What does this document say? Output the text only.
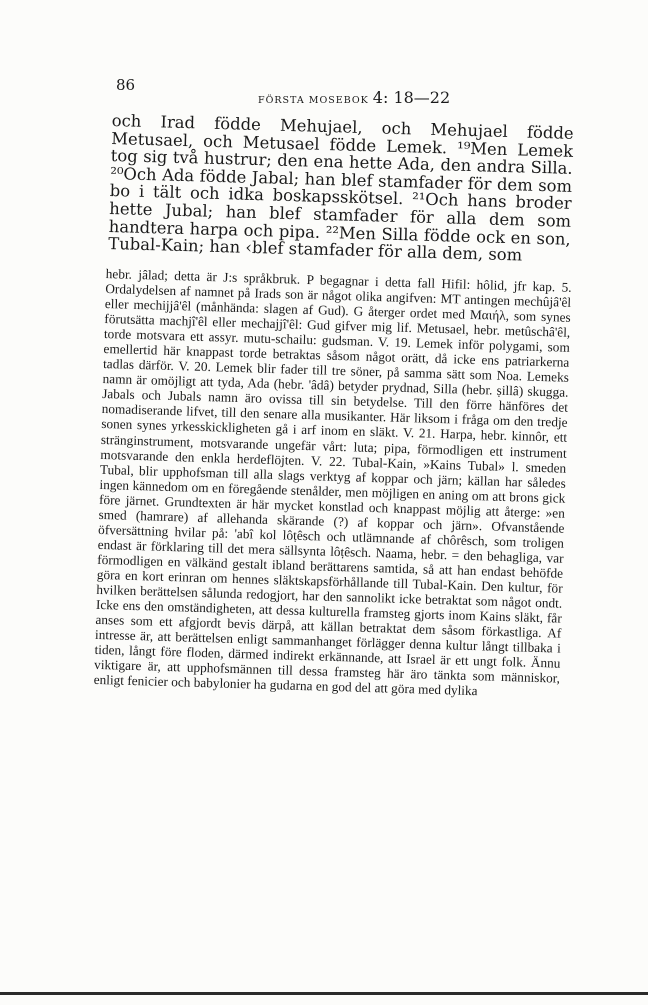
86
FÖRSTA MOSEBOK 4: 18—22

och Irad födde Mehujael, och Mehujael födde Metusael, och Metusael födde Lemek. ¹⁹Men Lemek tog sig två hustrur; den ena hette Ada, den andra Silla. ²⁰Och Ada födde Jabal; han blef stamfader för dem som bo i tält och idka boskapsskötsel. ²¹Och hans broder hette Jubal; han blef stamfader för alla dem som handtera harpa och pipa. ²²Men Silla födde ock en son, Tubal-Kain; han ‹blef stamfader för alla dem, som

hebr. jâlad; detta är J:s språkbruk. P begagnar i detta fall Hifil: hôlid, jfr kap. 5. Ordalydelsen af namnet på Irads son är något olika angifven: MT antingen mechûjâ'êl eller mechijjâ'êl (månhända: slagen af Gud). G återger ordet med Μαιήλ, som synes förutsätta machjî'êl eller mechajjî'êl: Gud gifver mig lif. Metusael, hebr. metûschâ'êl, torde motsvara ett assyr. mutu-schailu: gudsman. V. 19. Lemek inför polygami, som emellertid här knappast torde betraktas såsom något orätt, då icke ens patriarkerna tadlas därför. V. 20. Lemek blir fader till tre söner, på samma sätt som Noa. Lemeks namn är omöjligt att tyda, Ada (hebr. 'âdâ) betyder prydnad, Silla (hebr. ṣillâ) skugga. Jabals och Jubals namn äro ovissa till sin betydelse. Till den förre hänföres det nomadiserande lifvet, till den senare alla musikanter. Här liksom i fråga om den tredje sonen synes yrkesskickligheten gå i arf inom en släkt. V. 21. Harpa, hebr. kinnôr, ett stränginstrument, motsvarande ungefär vårt: luta; pipa, förmodligen ett instrument motsvarande den enkla herdeflöjten. V. 22. Tubal-Kain, »Kains Tubal» l. smeden Tubal, blir upphofsman till alla slags verktyg af koppar och järn; källan har således ingen kännedom om en föregående stenålder, men möjligen en aning om att brons gick före järnet. Grundtexten är här mycket konstlad och knappast möjlig att återge: »en smed (hamrare) af allehanda skärande (?) af koppar och järn». Ofvanstående öfversättning hvilar på: 'abî kol lôṭêsch och utlämnande af chôrêsch, som troligen endast är förklaring till det mera sällsynta lôṭêsch. Naama, hebr. = den behagliga, var förmodligen en välkänd gestalt ibland berättarens samtida, så att han endast behöfde göra en kort erinran om hennes släktskapsförhållande till Tubal-Kain. Den kultur, för hvilken berättelsen sålunda redogjort, har den sannolikt icke betraktat som något ondt. Icke ens den omständigheten, att dessa kulturella framsteg gjorts inom Kains släkt, får anses som ett afgjordt bevis därpå, att källan betraktat dem såsom förkastliga. Af intresse är, att berättelsen enligt sammanhanget förlägger denna kultur långt tillbaka i tiden, långt före floden, därmed indirekt erkännande, att Israel är ett ungt folk. Ännu viktigare är, att upphofsmännen till dessa framsteg här äro tänkta som människor, enligt fenicier och babylonier ha gudarna en god del att göra med dylika
